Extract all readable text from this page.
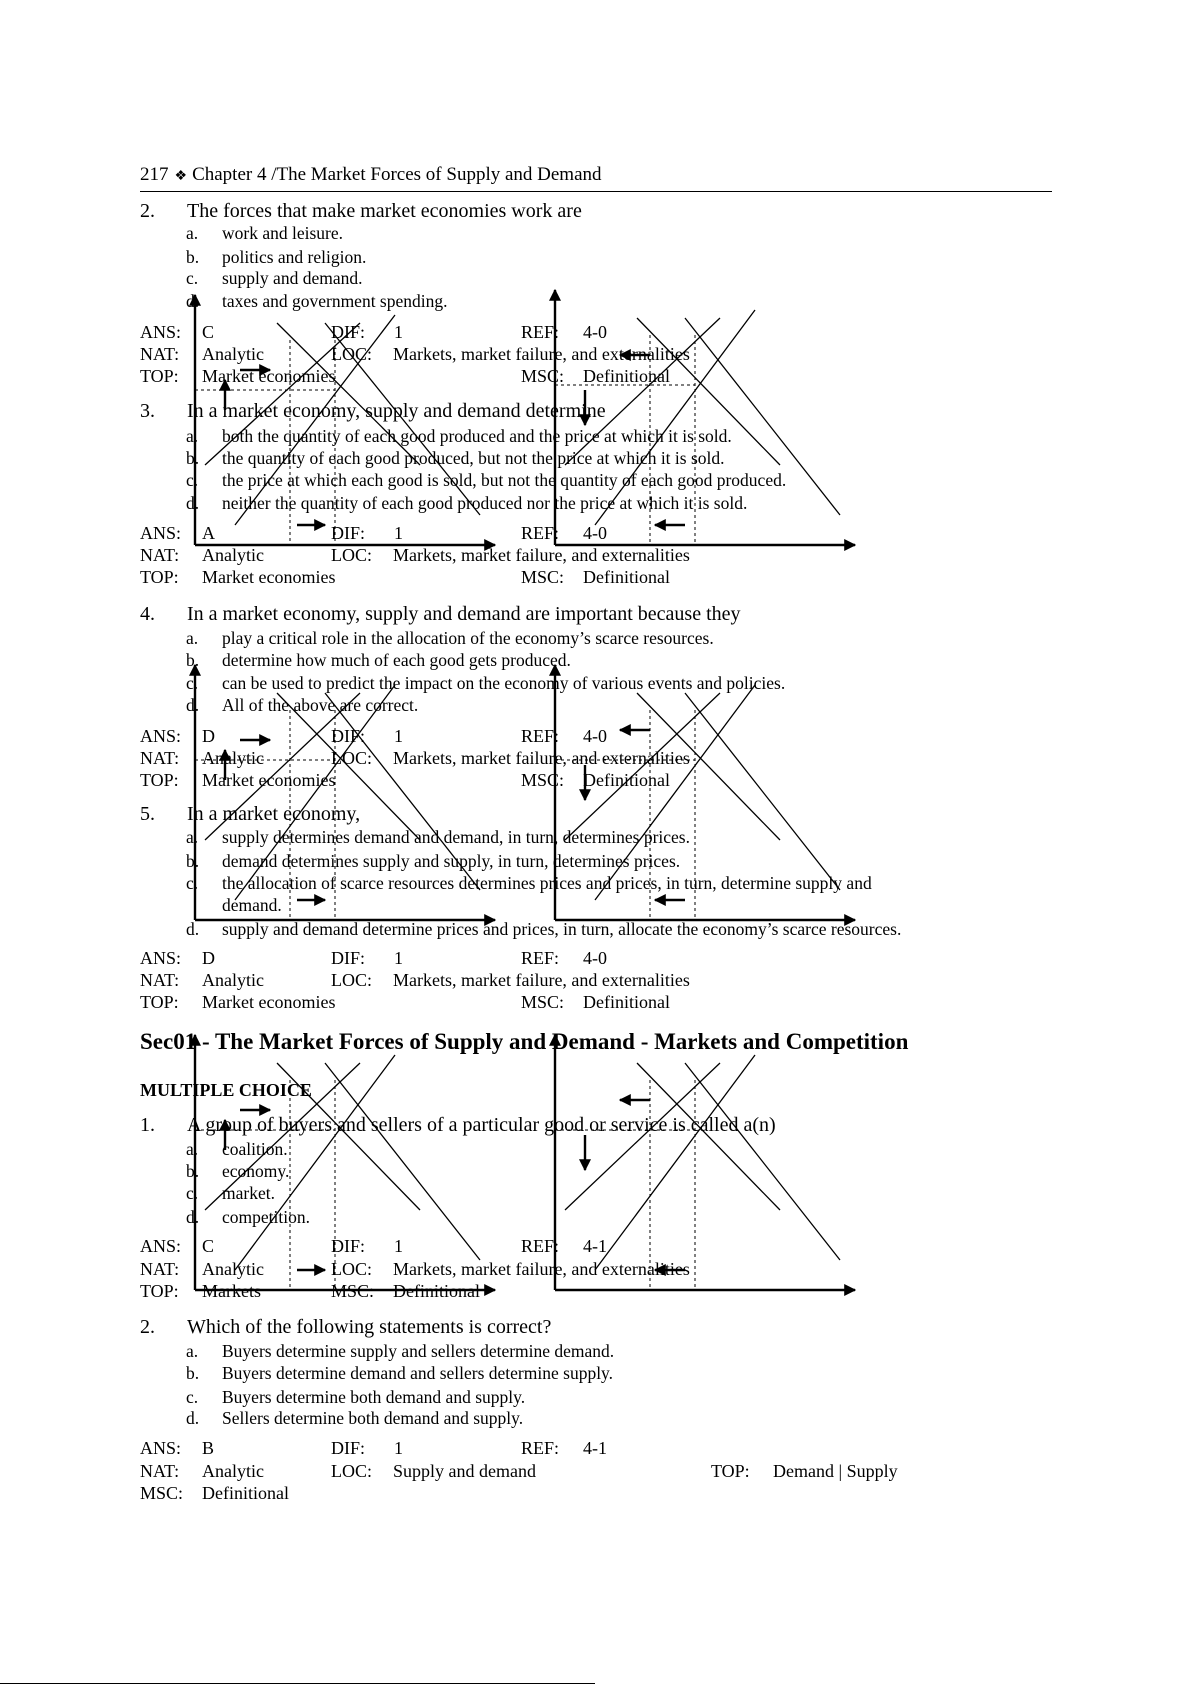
217 ❖ Chapter 4 /The Market Forces of Supply and Demand
2. The forces that make market economies work are
a. work and leisure.
b. politics and religion.
c. supply and demand.
d. taxes and government spending.
ANS: C	DIF: 1	REF: 4-0
NAT: Analytic	LOC: Markets, market failure, and externalities
TOP: Market economies	MSC: Definitional
3. In a market economy, supply and demand determine
a. both the quantity of each good produced and the price at which it is sold.
b. the quantity of each good produced, but not the price at which it is sold.
c. the price at which each good is sold, but not the quantity of each good produced.
d. neither the quantity of each good produced nor the price at which it is sold.
ANS: A	DIF: 1	REF: 4-0
NAT: Analytic	LOC: Markets, market failure, and externalities
TOP: Market economies	MSC: Definitional
4. In a market economy, supply and demand are important because they
a. play a critical role in the allocation of the economy’s scarce resources.
b. determine how much of each good gets produced.
c. can be used to predict the impact on the economy of various events and policies.
d. All of the above are correct.
ANS: D	DIF: 1	REF: 4-0
NAT: Analytic	LOC: Markets, market failure, and externalities
TOP: Market economies	MSC: Definitional
5. In a market economy,
a. supply determines demand and demand, in turn, determines prices.
b. demand determines supply and supply, in turn, determines prices.
c. the allocation of scarce resources determines prices and prices, in turn, determine supply and
demand.
d. supply and demand determine prices and prices, in turn, allocate the economy’s scarce resources.
ANS: D	DIF: 1	REF: 4-0
NAT: Analytic	LOC: Markets, market failure, and externalities
TOP: Market economies	MSC: Definitional
Sec01 - The Market Forces of Supply and Demand - Markets and Competition
MULTIPLE CHOICE
1. A group of buyers and sellers of a particular good or service is called a(n)
a. coalition.
b. economy.
c. market.
d. competition.
ANS: C	DIF: 1	REF: 4-1
NAT: Analytic	LOC: Markets, market failure, and externalities
TOP: Markets	MSC: Definitional
2. Which of the following statements is correct?
a. Buyers determine supply and sellers determine demand.
b. Buyers determine demand and sellers determine supply.
c. Buyers determine both demand and supply.
d. Sellers determine both demand and supply.
ANS: B	DIF: 1	REF: 4-1
NAT: Analytic	LOC: Supply and demand	TOP: Demand | Supply
MSC: Definitional
